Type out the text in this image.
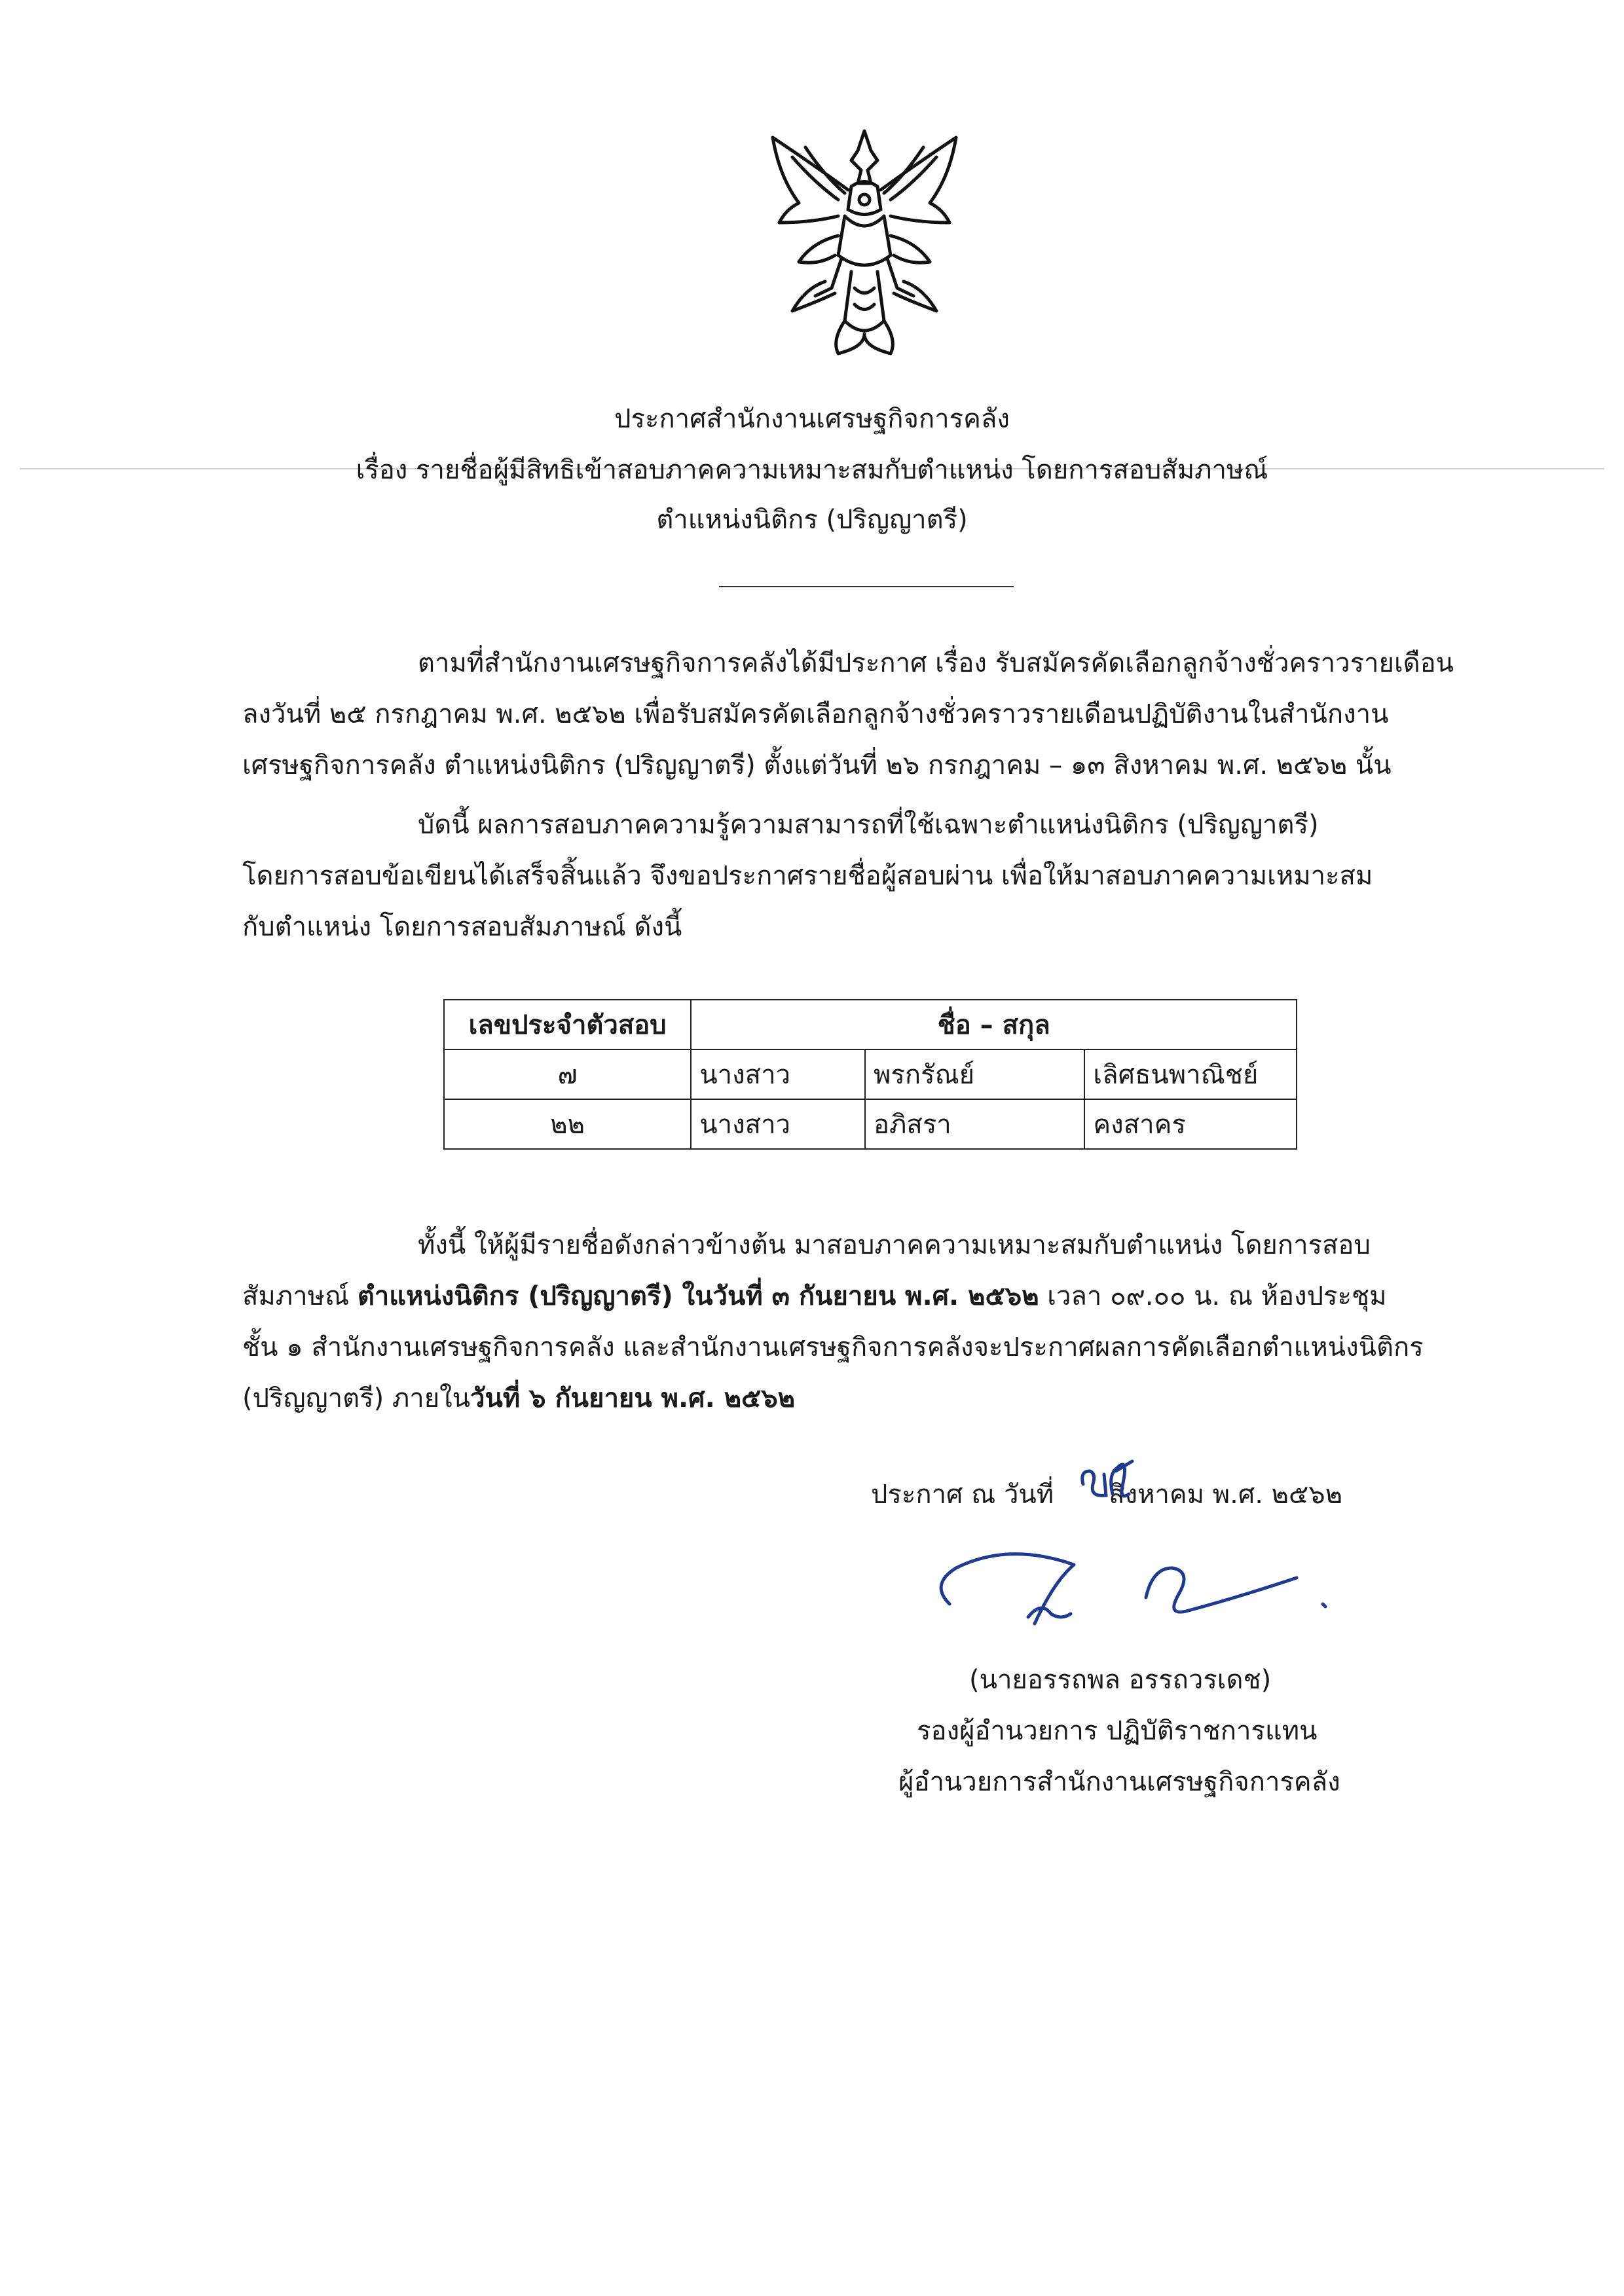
ประกาศสำนักงานเศรษฐกิจการคลัง
เรื่อง รายชื่อผู้มีสิทธิเข้าสอบภาคความเหมาะสมกับตำแหน่ง โดยการสอบสัมภาษณ์
ตำแหน่งนิติกร (ปริญญาตรี)
ตามที่สำนักงานเศรษฐกิจการคลังได้มีประกาศ เรื่อง รับสมัครคัดเลือกลูกจ้างชั่วคราวรายเดือน
ลงวันที่ ๒๕ กรกฎาคม พ.ศ. ๒๕๖๒ เพื่อรับสมัครคัดเลือกลูกจ้างชั่วคราวรายเดือนปฏิบัติงานในสำนักงาน
เศรษฐกิจการคลัง ตำแหน่งนิติกร (ปริญญาตรี) ตั้งแต่วันที่ ๒๖ กรกฎาคม – ๑๓ สิงหาคม พ.ศ. ๒๕๖๒ นั้น
บัดนี้ ผลการสอบภาคความรู้ความสามารถที่ใช้เฉพาะตำแหน่งนิติกร (ปริญญาตรี)
โดยการสอบข้อเขียนได้เสร็จสิ้นแล้ว จึงขอประกาศรายชื่อผู้สอบผ่าน เพื่อให้มาสอบภาคความเหมาะสม
กับตำแหน่ง โดยการสอบสัมภาษณ์ ดังนี้
เลขประจำตัวสอบ	ชื่อ – สกุล		
๗	นางสาว	พรกรัณย์	เลิศธนพาณิชย์
๒๒	นางสาว	อภิสรา	คงสาคร
ทั้งนี้ ให้ผู้มีรายชื่อดังกล่าวข้างต้น มาสอบภาคความเหมาะสมกับตำแหน่ง โดยการสอบ
สัมภาษณ์ ตำแหน่งนิติกร (ปริญญาตรี) ในวันที่ ๓ กันยายน พ.ศ. ๒๕๖๒ เวลา ๐๙.๐๐ น. ณ ห้องประชุม
ชั้น ๑ สำนักงานเศรษฐกิจการคลัง และสำนักงานเศรษฐกิจการคลังจะประกาศผลการคัดเลือกตำแหน่งนิติกร
(ปริญญาตรี) ภายในวันที่ ๖ กันยายน พ.ศ. ๒๕๖๒
ประกาศ ณ วันที่ สิงหาคม พ.ศ. ๒๕๖๒
(นายอรรถพล อรรถวรเดช)
รองผู้อำนวยการ ปฏิบัติราชการแทน
ผู้อำนวยการสำนักงานเศรษฐกิจการคลัง
